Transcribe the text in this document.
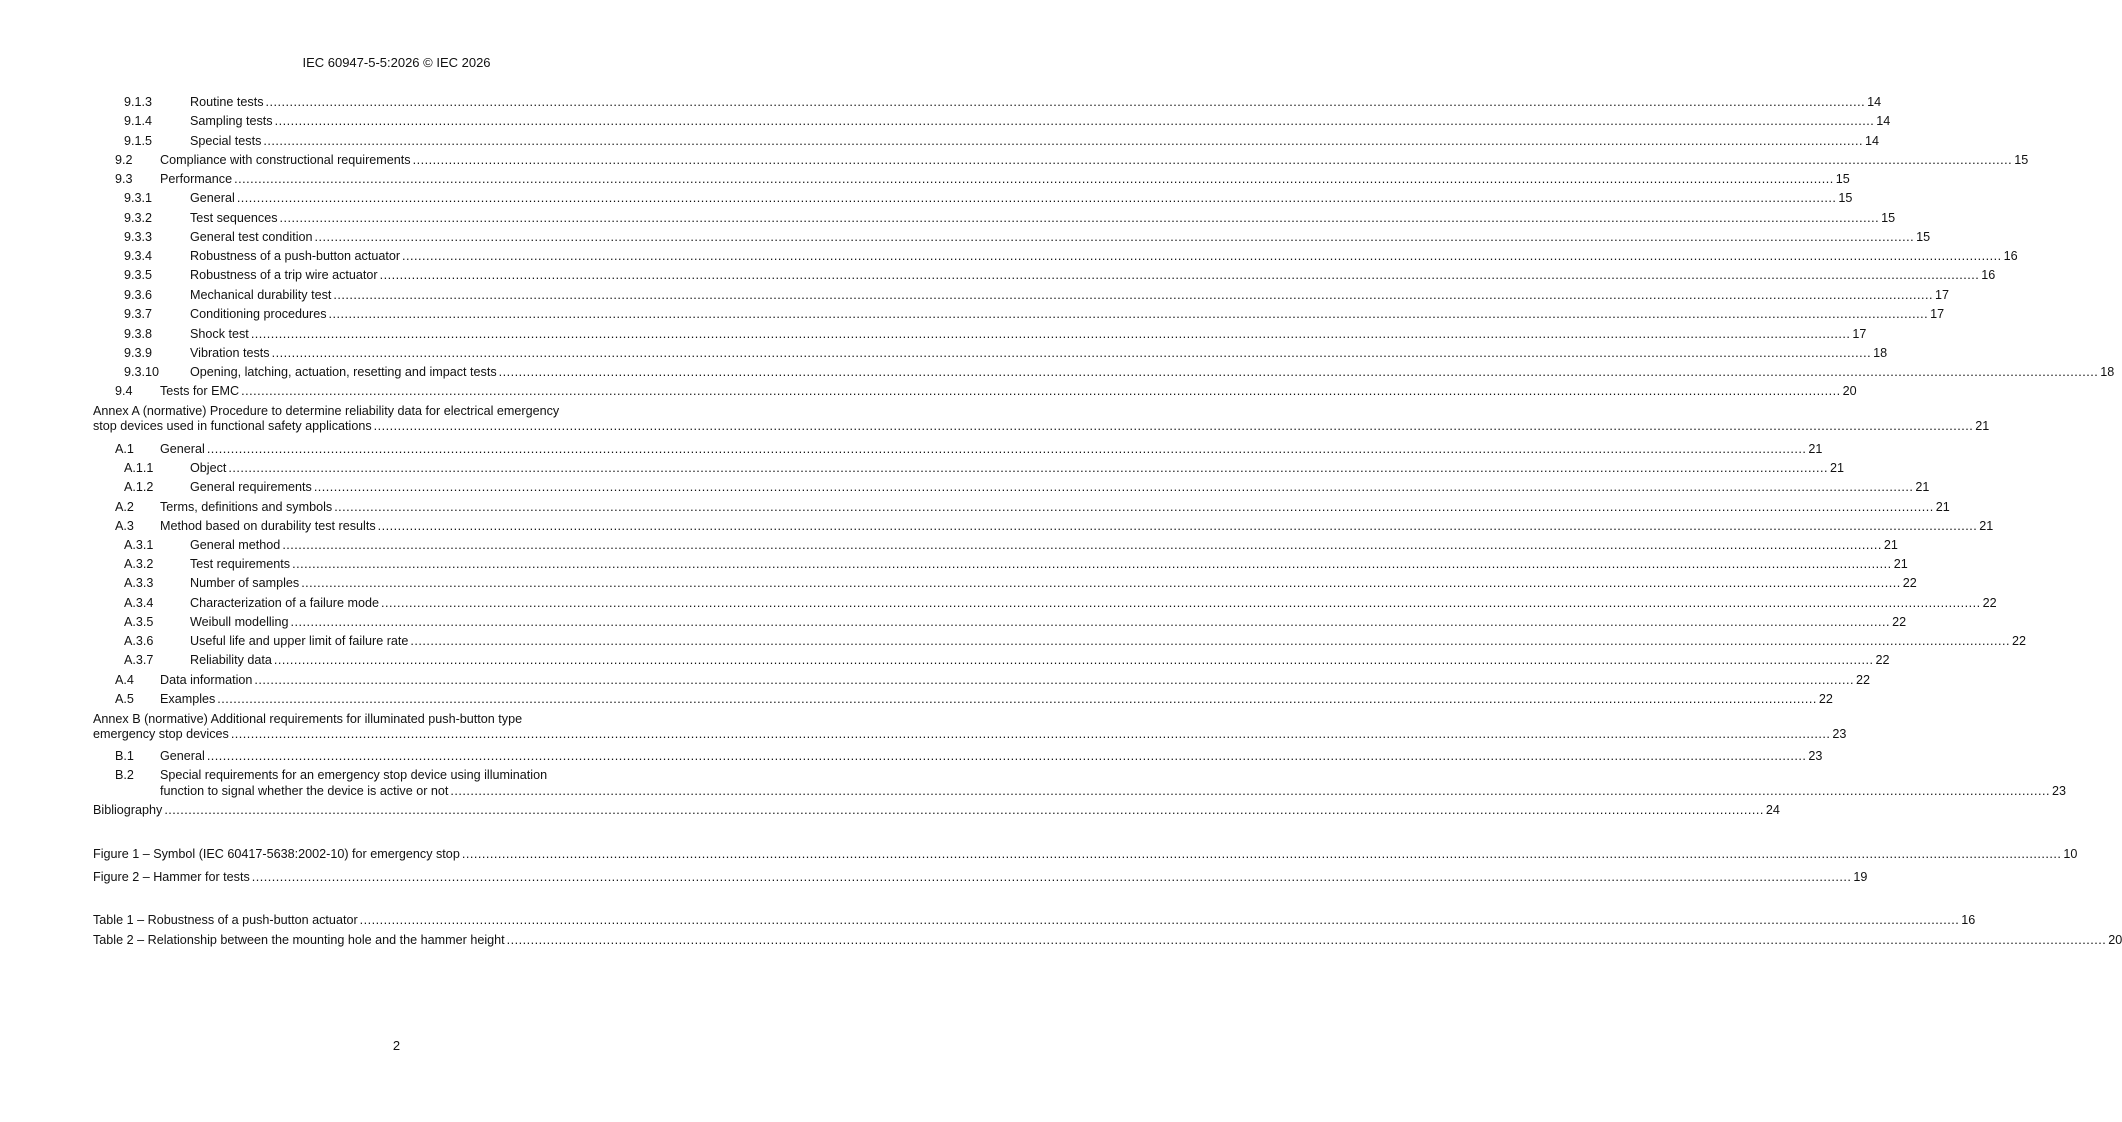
IEC 60947-5-5:2026 © IEC 2026
9.1.3	Routine tests ................................................................................................................................................................................................................................................................................................................................................................................................................ 14
9.1.4	Sampling tests ................................................................................................................................................................................................................................................................................................................................................................................................................ 14
9.1.5	Special tests ................................................................................................................................................................................................................................................................................................................................................................................................................ 14
9.2 Compliance with constructional requirements ................................................................................................................................................................................................................................................................................................................................................................................................................ 15
9.3 Performance ................................................................................................................................................................................................................................................................................................................................................................................................................ 15
9.3.1	General ................................................................................................................................................................................................................................................................................................................................................................................................................ 15
9.3.2	Test sequences ................................................................................................................................................................................................................................................................................................................................................................................................................ 15
9.3.3	General test condition ................................................................................................................................................................................................................................................................................................................................................................................................................ 15
9.3.4	Robustness of a push-button actuator ................................................................................................................................................................................................................................................................................................................................................................................................................ 16
9.3.5	Robustness of a trip wire actuator ................................................................................................................................................................................................................................................................................................................................................................................................................ 16
9.3.6	Mechanical durability test ................................................................................................................................................................................................................................................................................................................................................................................................................ 17
9.3.7	Conditioning procedures ................................................................................................................................................................................................................................................................................................................................................................................................................ 17
9.3.8	Shock test ................................................................................................................................................................................................................................................................................................................................................................................................................ 17
9.3.9	Vibration tests ................................................................................................................................................................................................................................................................................................................................................................................................................ 18
9.3.10 Opening, latching, actuation, resetting and impact tests ................................................................................................................................................................................................................................................................................................................................................................................................................ 18
9.4 Tests for EMC ................................................................................................................................................................................................................................................................................................................................................................................................................ 20
Annex A (normative) Procedure to determine reliability data for electrical emergency
stop devices used in functional safety applications ................................................................................................................................................................................................................................................................................................................................................................................................................ 21
A.1 General ................................................................................................................................................................................................................................................................................................................................................................................................................ 21
A.1.1	Object ................................................................................................................................................................................................................................................................................................................................................................................................................ 21
A.1.2	General requirements ................................................................................................................................................................................................................................................................................................................................................................................................................ 21
A.2 Terms, definitions and symbols ................................................................................................................................................................................................................................................................................................................................................................................................................ 21
A.3 Method based on durability test results ................................................................................................................................................................................................................................................................................................................................................................................................................ 21
A.3.1	General method ................................................................................................................................................................................................................................................................................................................................................................................................................ 21
A.3.2	Test requirements ................................................................................................................................................................................................................................................................................................................................................................................................................ 21
A.3.3	Number of samples ................................................................................................................................................................................................................................................................................................................................................................................................................ 22
A.3.4	Characterization of a failure mode ................................................................................................................................................................................................................................................................................................................................................................................................................ 22
A.3.5	Weibull modelling ................................................................................................................................................................................................................................................................................................................................................................................................................ 22
A.3.6	Useful life and upper limit of failure rate ................................................................................................................................................................................................................................................................................................................................................................................................................ 22
A.3.7	Reliability data ................................................................................................................................................................................................................................................................................................................................................................................................................ 22
A.4 Data information ................................................................................................................................................................................................................................................................................................................................................................................................................ 22
A.5 Examples ................................................................................................................................................................................................................................................................................................................................................................................................................ 22
Annex B (normative) Additional requirements for illuminated push-button type
emergency stop devices ................................................................................................................................................................................................................................................................................................................................................................................................................ 23
B.1 General ................................................................................................................................................................................................................................................................................................................................................................................................................ 23
B.2 Special requirements for an emergency stop device using illumination
function to signal whether the device is active or not ................................................................................................................................................................................................................................................................................................................................................................................................................ 23
Bibliography ................................................................................................................................................................................................................................................................................................................................................................................................................ 24
Figure 1 – Symbol (IEC 60417-5638:2002-10) for emergency stop ................................................................................................................................................................................................................................................................................................................................................................................................................ 10
Figure 2 – Hammer for tests ................................................................................................................................................................................................................................................................................................................................................................................................................ 19
Table 1 – Robustness of a push-button actuator ................................................................................................................................................................................................................................................................................................................................................................................................................ 16
Table 2 – Relationship between the mounting hole and the hammer height ................................................................................................................................................................................................................................................................................................................................................................................................................ 20
2
